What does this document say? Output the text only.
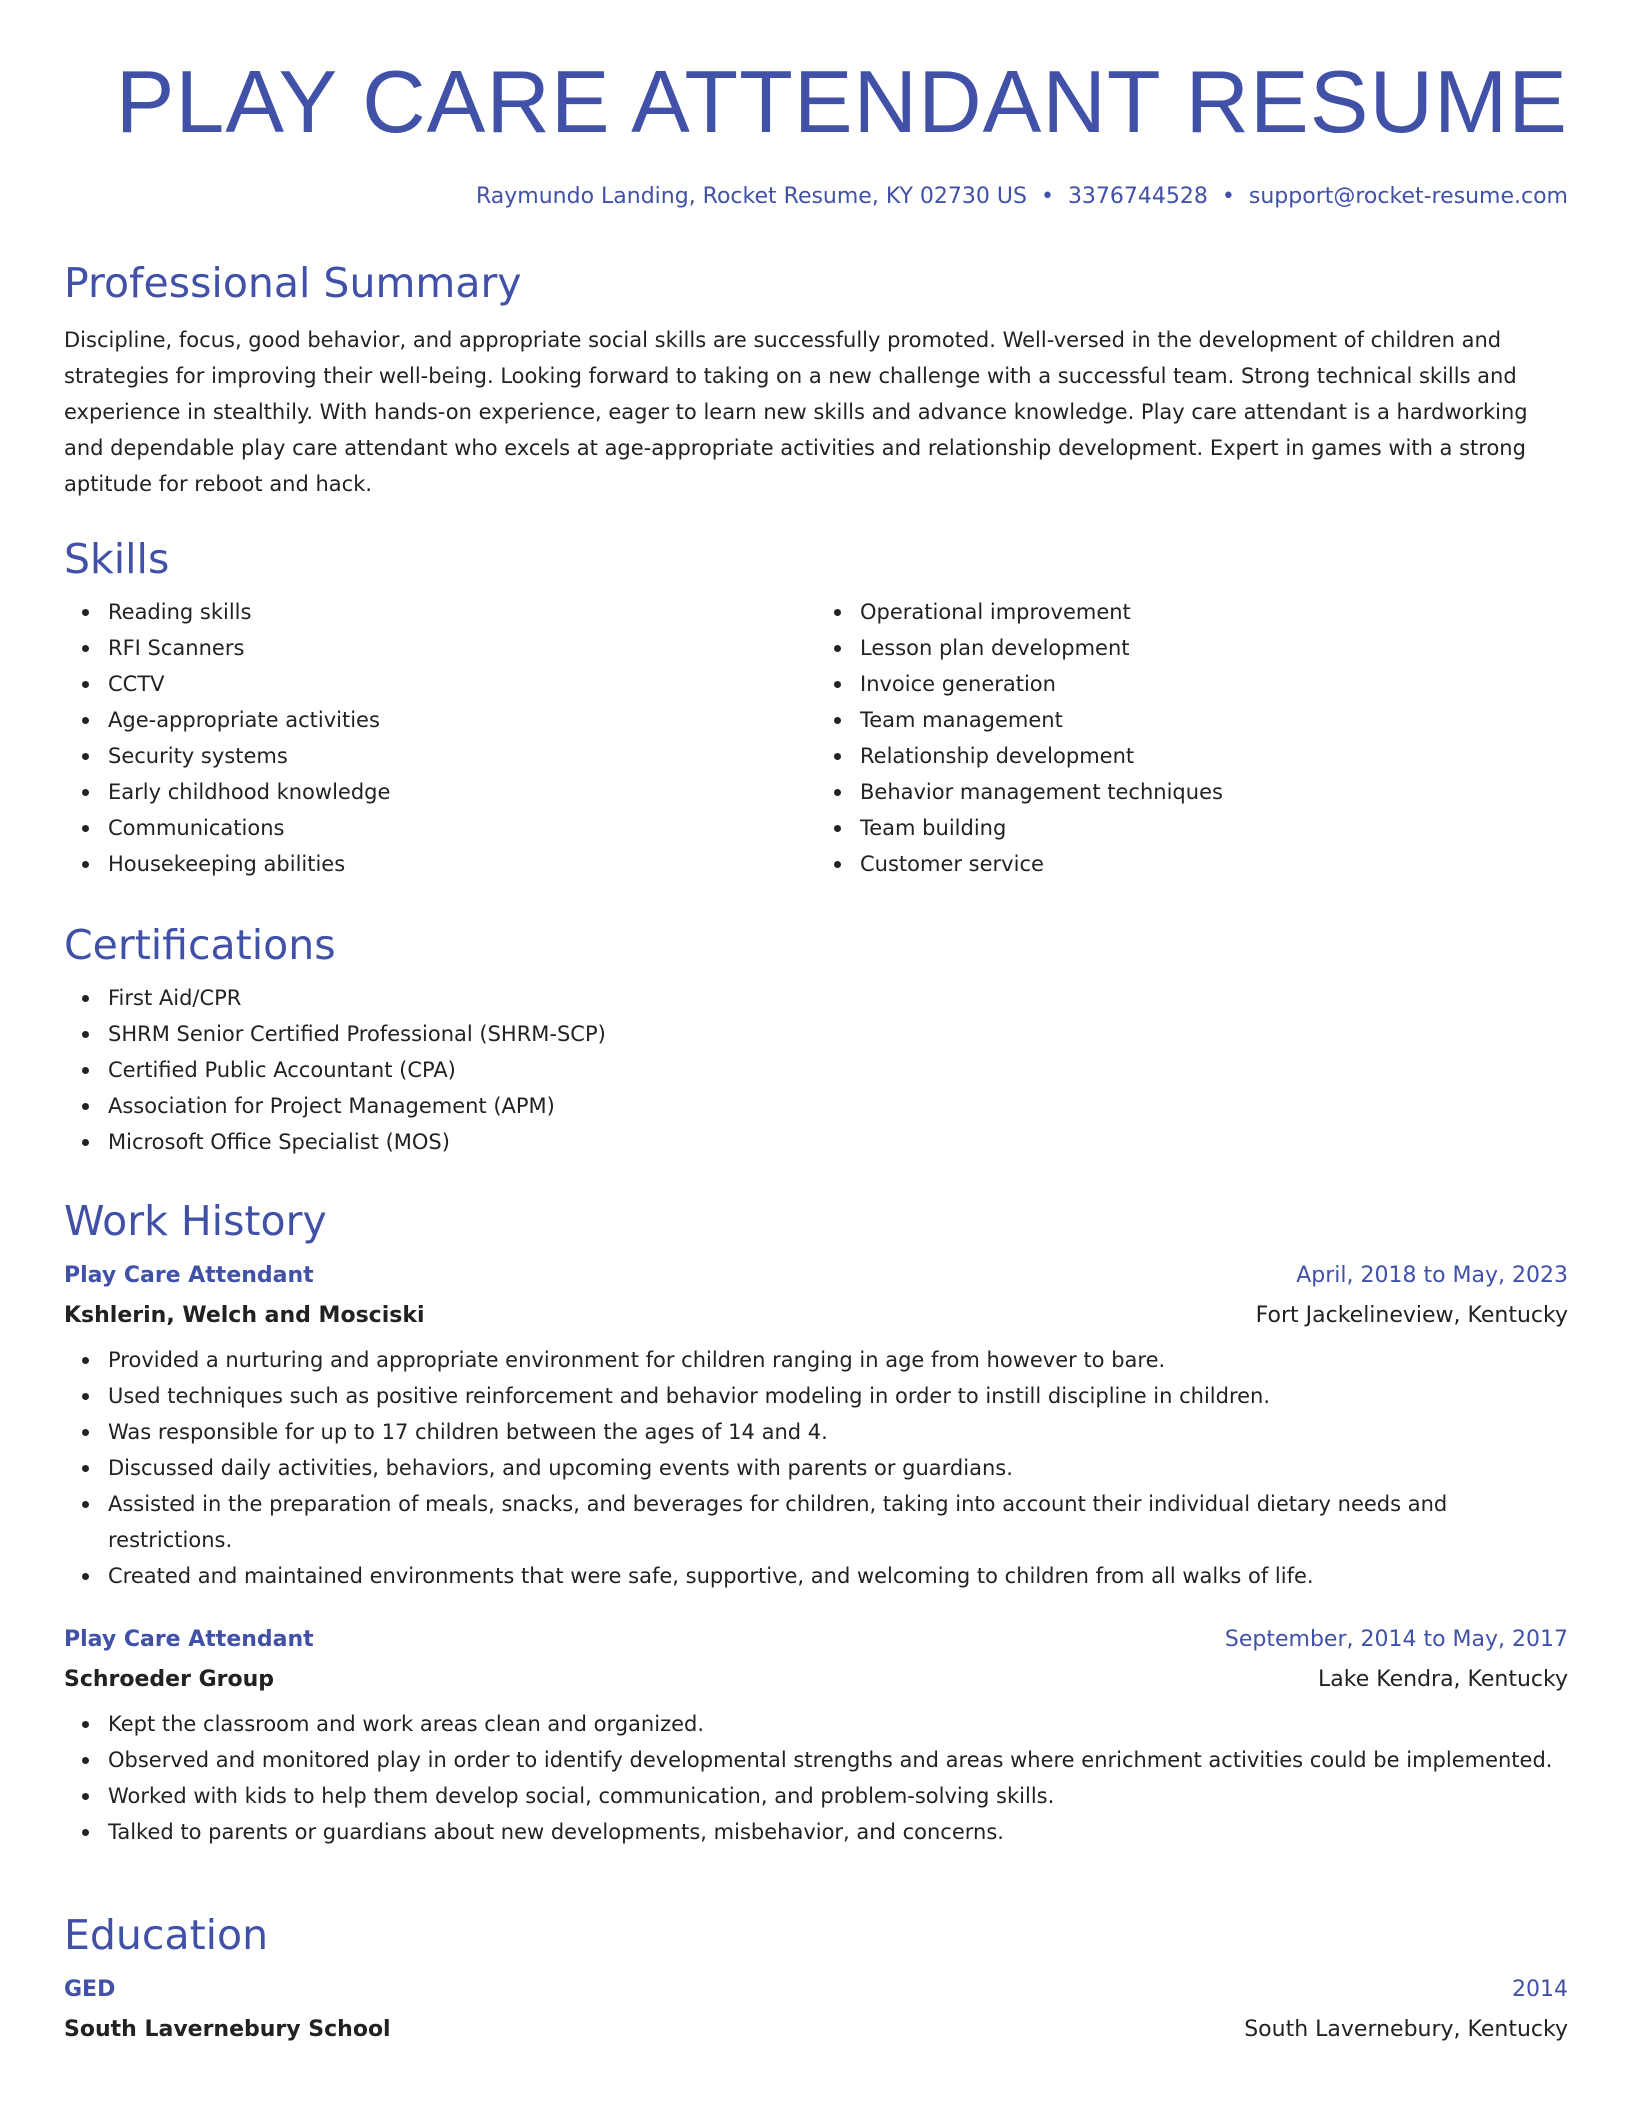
PLAY CARE ATTENDANT RESUME
Raymundo Landing, Rocket Resume, KY 02730 US • 3376744528 • support@rocket-resume.com
Professional Summary

Discipline, focus, good behavior, and appropriate social skills are successfully promoted. Well-versed in the development of children and strategies for improving their well-being. Looking forward to taking on a new challenge with a successful team. Strong technical skills and experience in stealthily. With hands-on experience, eager to learn new skills and advance knowledge. Play care attendant is a hardworking and dependable play care attendant who excels at age-appropriate activities and relationship development. Expert in games with a strong aptitude for reboot and hack.

Skills
Reading skills
RFI Scanners
CCTV
Age-appropriate activities
Security systems
Early childhood knowledge
Communications
Housekeeping abilities
Operational improvement
Lesson plan development
Invoice generation
Team management
Relationship development
Behavior management techniques
Team building
Customer service
Certifications
First Aid/CPR
SHRM Senior Certified Professional (SHRM-SCP)
Certified Public Accountant (CPA)
Association for Project Management (APM)
Microsoft Office Specialist (MOS)
Work History
Play Care Attendant	April, 2018 to May, 2023
Kshlerin, Welch and Mosciski	Fort Jackelineview, Kentucky
Provided a nurturing and appropriate environment for children ranging in age from however to bare.
Used techniques such as positive reinforcement and behavior modeling in order to instill discipline in children.
Was responsible for up to 17 children between the ages of 14 and 4.
Discussed daily activities, behaviors, and upcoming events with parents or guardians.
Assisted in the preparation of meals, snacks, and beverages for children, taking into account their individual dietary needs and restrictions.
Created and maintained environments that were safe, supportive, and welcoming to children from all walks of life.
Play Care Attendant	September, 2014 to May, 2017
Schroeder Group	Lake Kendra, Kentucky
Kept the classroom and work areas clean and organized.
Observed and monitored play in order to identify developmental strengths and areas where enrichment activities could be implemented.
Worked with kids to help them develop social, communication, and problem-solving skills.
Talked to parents or guardians about new developments, misbehavior, and concerns.
Education
GED	2014
South Lavernebury School	South Lavernebury, Kentucky
